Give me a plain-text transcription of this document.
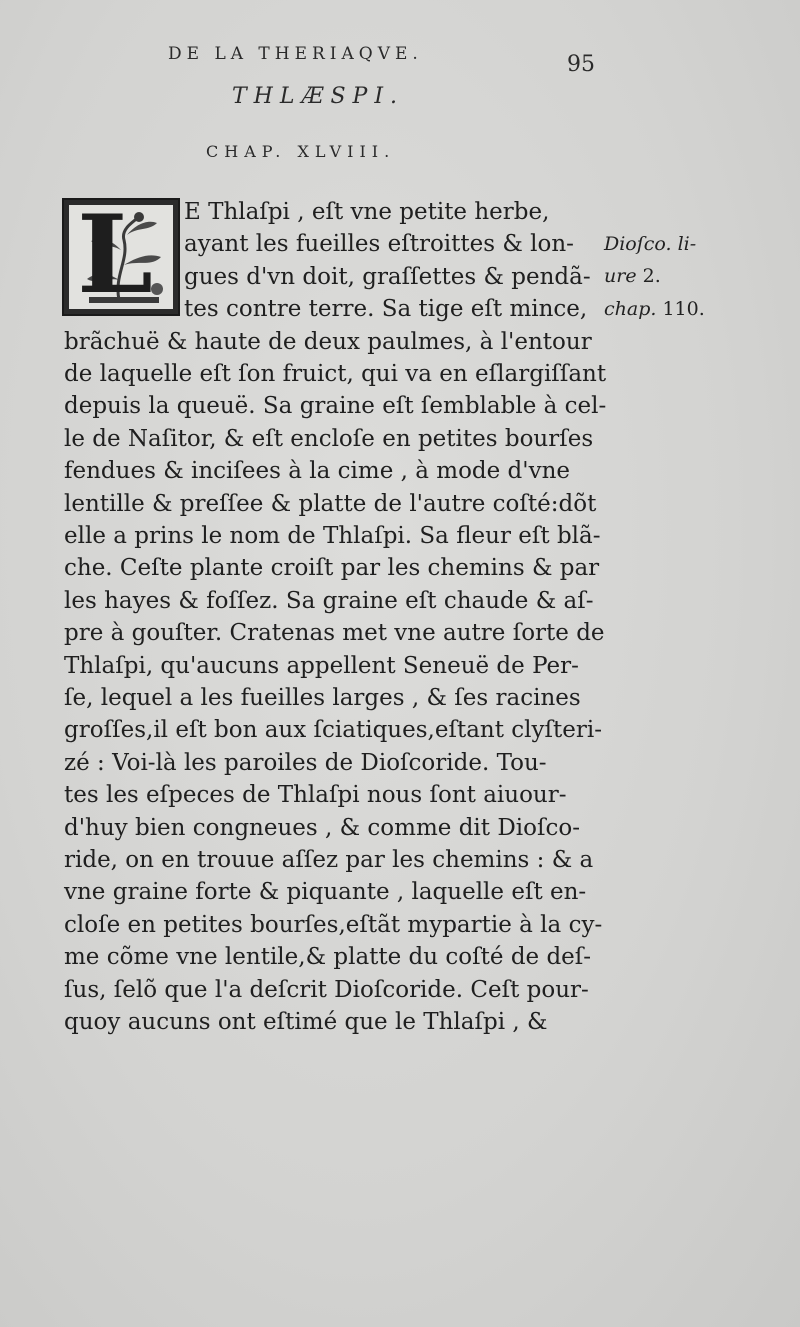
DE LA THERIAQVE.	95
THLÆSPI.
CHAP. XLVIII.
L E Thlaſpi , eſt vne petite herbe,
ayant les fueilles eſtroittes & lon-
gues d'vn doit, graſſettes & pendã-
tes contre terre. Sa tige eſt mince,
brãchuë & haute de deux paulmes, à l'entour
de laquelle eſt ſon fruict, qui va en eſlargiſſant
depuis la queuë. Sa graine eſt ſemblable à cel-
le de Naſitor, & eſt encloſe en petites bourſes
fendues & inciſees à la cime , à mode d'vne
lentille & preſſee & platte de l'autre coſté:dõt
elle a prins le nom de Thlaſpi. Sa fleur eſt blã-
che. Ceſte plante croiſt par les chemins & par
les hayes & foſſez. Sa graine eſt chaude & aſ-
pre à gouſter. Cratenas met vne autre ſorte de
Thlaſpi, qu'aucuns appellent Seneuë de Per-
ſe, lequel a les fueilles larges , & ſes racines
groſſes,il eſt bon aux ſciatiques,eſtant clyſteri-
zé : Voi-là les paroiles de Dioſcoride. Tou-
tes les eſpeces de Thlaſpi nous ſont aiuour-
d'huy bien congneues , & comme dit Dioſco-
ride, on en trouue aſſez par les chemins : & a
vne graine forte & piquante , laquelle eſt en-
cloſe en petites bourſes,eſtãt mypartie à la cy-
me cõme vne lentile,& platte du coſté de deſ-
ſus, ſelõ que l'a deſcrit Dioſcoride. Ceſt pour-
quoy aucuns ont eſtimé que le Thlaſpi , &
Dioſco. li-
ure 2.
chap. 110.
